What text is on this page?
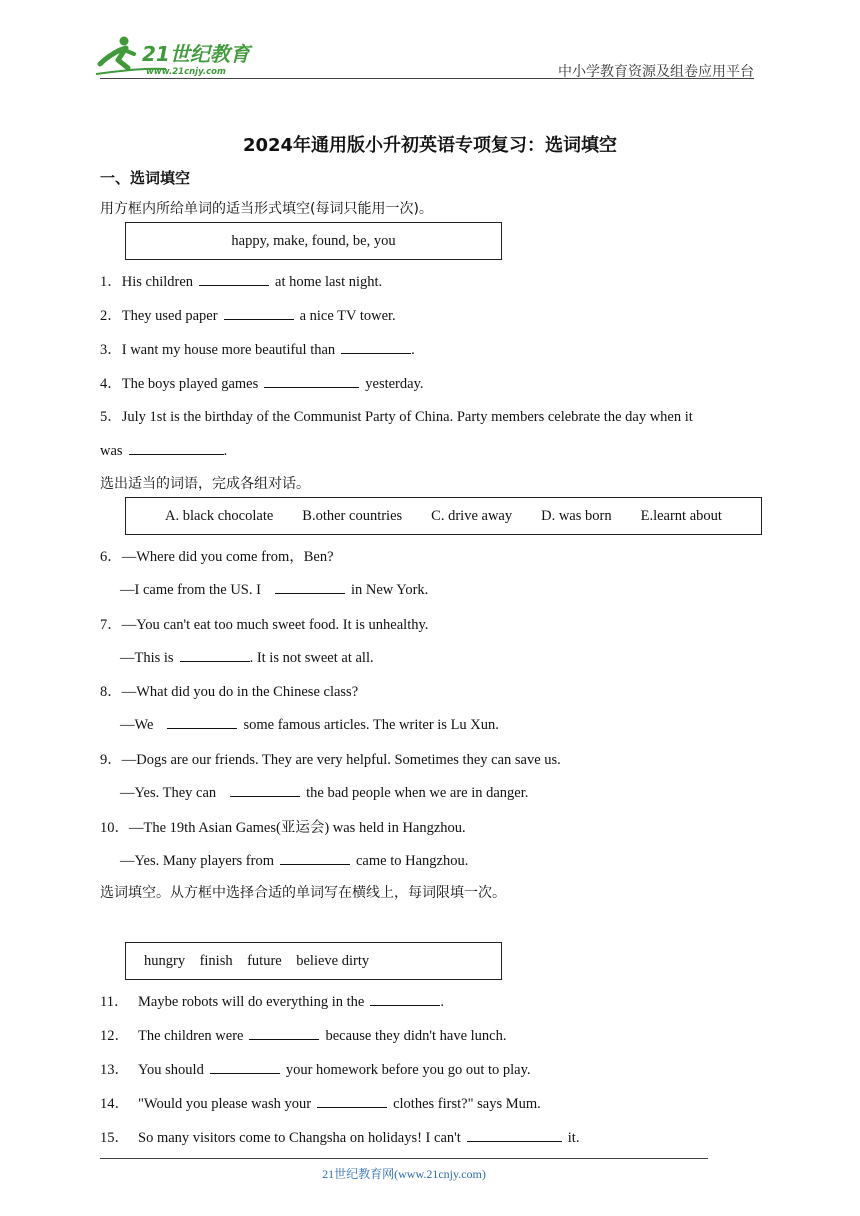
21世纪教育
www.21cnjy.com	中小学教育资源及组卷应用平台
2024年通用版小升初英语专项复习：选词填空
一、选词填空
用方框内所给单词的适当形式填空(每词只能用一次)。
happy, make, found, be, you
1．His children	at home last night.
2．They used paper	a nice TV tower.
3．I want my house more beautiful than	.
4．The boys played games	yesterday.
5．July 1st is the birthday of the Communist Party of China. Party members celebrate the day when it
was	.
选出适当的词语，完成各组对话。
A. black chocolate B.other countries C. drive away D. was born E.learnt about
6．—Where did you come from，Ben?
—I came from the US. I	in New York.
7．—You can't eat too much sweet food. It is unhealthy.
—This is	. It is not sweet at all.
8．—What did you do in the Chinese class?
—We	some famous articles. The writer is Lu Xun.
9．—Dogs are our friends. They are very helpful. Sometimes they can save us.
—Yes. They can	the bad people when we are in danger.
10．—The 19th Asian Games(亚运会) was held in Hangzhou.
—Yes. Many players from	came to Hangzhou.
选词填空。从方框中选择合适的单词写在横线上，每词限填一次。
hungry    finish    future    believe dirty
11． Maybe robots will do everything in the	.
12． The children were	because they didn't have lunch.
13． You should	your homework before you go out to play.
14． "Would you please wash your	clothes first?" says Mum.
15． So many visitors come to Changsha on holidays! I can't	it.
21世纪教育网(www.21cnjy.com)
